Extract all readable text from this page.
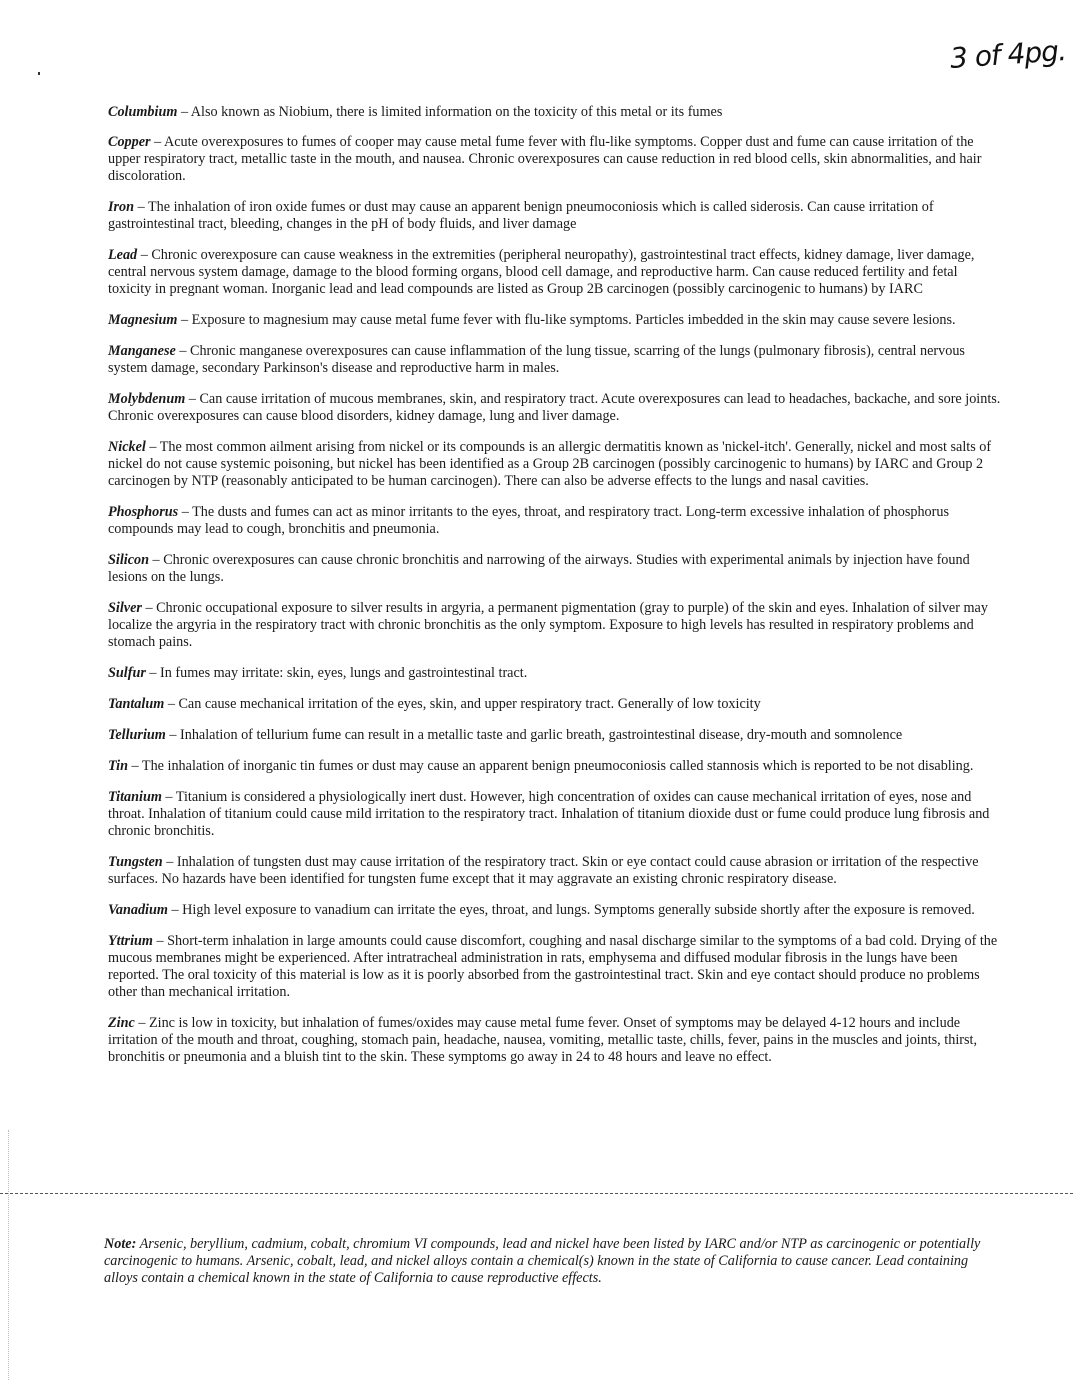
3 of 4pg.

Columbium – Also known as Niobium, there is limited information on the toxicity of this metal or its fumes

Copper – Acute overexposures to fumes of cooper may cause metal fume fever with flu-like symptoms. Copper dust and fume can cause irritation of the upper respiratory tract, metallic taste in the mouth, and nausea. Chronic overexposures can cause reduction in red blood cells, skin abnormalities, and hair discoloration.

Iron – The inhalation of iron oxide fumes or dust may cause an apparent benign pneumoconiosis which is called siderosis. Can cause irritation of gastrointestinal tract, bleeding, changes in the pH of body fluids, and liver damage

Lead – Chronic overexposure can cause weakness in the extremities (peripheral neuropathy), gastrointestinal tract effects, kidney damage, liver damage, central nervous system damage, damage to the blood forming organs, blood cell damage, and reproductive harm. Can cause reduced fertility and fetal toxicity in pregnant woman. Inorganic lead and lead compounds are listed as Group 2B carcinogen (possibly carcinogenic to humans) by IARC

Magnesium – Exposure to magnesium may cause metal fume fever with flu-like symptoms. Particles imbedded in the skin may cause severe lesions.

Manganese – Chronic manganese overexposures can cause inflammation of the lung tissue, scarring of the lungs (pulmonary fibrosis), central nervous system damage, secondary Parkinson's disease and reproductive harm in males.

Molybdenum – Can cause irritation of mucous membranes, skin, and respiratory tract. Acute overexposures can lead to headaches, backache, and sore joints. Chronic overexposures can cause blood disorders, kidney damage, lung and liver damage.

Nickel – The most common ailment arising from nickel or its compounds is an allergic dermatitis known as 'nickel-itch'. Generally, nickel and most salts of nickel do not cause systemic poisoning, but nickel has been identified as a Group 2B carcinogen (possibly carcinogenic to humans) by IARC and Group 2 carcinogen by NTP (reasonably anticipated to be human carcinogen). There can also be adverse effects to the lungs and nasal cavities.

Phosphorus – The dusts and fumes can act as minor irritants to the eyes, throat, and respiratory tract. Long-term excessive inhalation of phosphorus compounds may lead to cough, bronchitis and pneumonia.

Silicon – Chronic overexposures can cause chronic bronchitis and narrowing of the airways. Studies with experimental animals by injection have found lesions on the lungs.

Silver – Chronic occupational exposure to silver results in argyria, a permanent pigmentation (gray to purple) of the skin and eyes. Inhalation of silver may localize the argyria in the respiratory tract with chronic bronchitis as the only symptom. Exposure to high levels has resulted in respiratory problems and stomach pains.

Sulfur – In fumes may irritate: skin, eyes, lungs and gastrointestinal tract.

Tantalum – Can cause mechanical irritation of the eyes, skin, and upper respiratory tract. Generally of low toxicity

Tellurium – Inhalation of tellurium fume can result in a metallic taste and garlic breath, gastrointestinal disease, dry-mouth and somnolence

Tin – The inhalation of inorganic tin fumes or dust may cause an apparent benign pneumoconiosis called stannosis which is reported to be not disabling.

Titanium – Titanium is considered a physiologically inert dust. However, high concentration of oxides can cause mechanical irritation of eyes, nose and throat. Inhalation of titanium could cause mild irritation to the respiratory tract. Inhalation of titanium dioxide dust or fume could produce lung fibrosis and chronic bronchitis.

Tungsten – Inhalation of tungsten dust may cause irritation of the respiratory tract. Skin or eye contact could cause abrasion or irritation of the respective surfaces. No hazards have been identified for tungsten fume except that it may aggravate an existing chronic respiratory disease.

Vanadium – High level exposure to vanadium can irritate the eyes, throat, and lungs. Symptoms generally subside shortly after the exposure is removed.

Yttrium – Short-term inhalation in large amounts could cause discomfort, coughing and nasal discharge similar to the symptoms of a bad cold. Drying of the mucous membranes might be experienced. After intratracheal administration in rats, emphysema and diffused modular fibrosis in the lungs have been reported. The oral toxicity of this material is low as it is poorly absorbed from the gastrointestinal tract. Skin and eye contact should produce no problems other than mechanical irritation.

Zinc – Zinc is low in toxicity, but inhalation of fumes/oxides may cause metal fume fever. Onset of symptoms may be delayed 4-12 hours and include irritation of the mouth and throat, coughing, stomach pain, headache, nausea, vomiting, metallic taste, chills, fever, pains in the muscles and joints, thirst, bronchitis or pneumonia and a bluish tint to the skin. These symptoms go away in 24 to 48 hours and leave no effect.

Note: Arsenic, beryllium, cadmium, cobalt, chromium VI compounds, lead and nickel have been listed by IARC and/or NTP as carcinogenic or potentially carcinogenic to humans. Arsenic, cobalt, lead, and nickel alloys contain a chemical(s) known in the state of California to cause cancer. Lead containing alloys contain a chemical known in the state of California to cause reproductive effects.
